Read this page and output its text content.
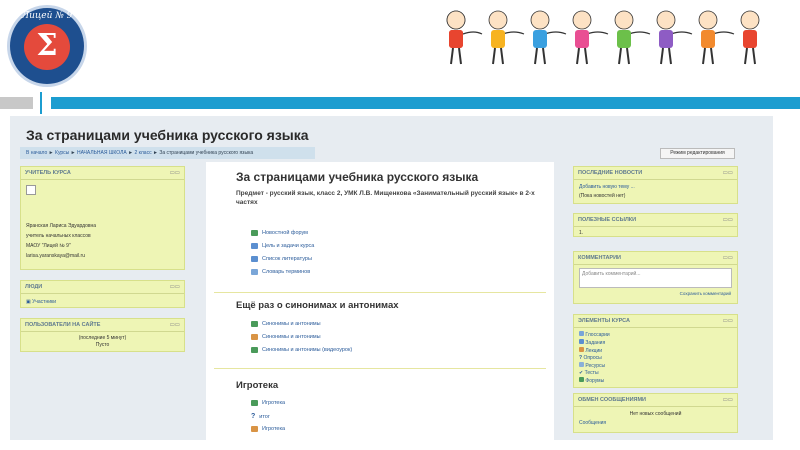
Лицей № 9
Σ
За страницами учебника русского языка
В начало ► Курсы ► НАЧАЛЬНАЯ ШКОЛА ► 2 класс ► За страницами учебника русского языка	Режим редактирования
УЧИТЕЛЬ КУРСА	▭▭
Яранская Лариса Эдуардовна
учитель начальных классов
МАОУ "Лицей № 9"
larisa.yaranskaya@mail.ru
ЛЮДИ	▭▭
▣ Участники
ПОЛЬЗОВАТЕЛИ НА САЙТЕ	▭▭
(последние 5 минут)
Пусто
За страницами учебника русского языка
Предмет - русский язык, класс 2, УМК Л.В. Мищенкова «Занимательный русский язык» в 2-х частях
Новостной форум
Цель и задачи курса
Список литературы
Словарь терминов
Ещё раз о синонимах и антонимах
Синонимы и антонимы
Синонимы и антонимы
Синонимы и антонимы (видеоурок)
Игротека
Игротека
? итог
Игротека
ПОСЛЕДНИЕ НОВОСТИ	▭▭
Добавить новую тему ...
(Пока новостей нет)
ПОЛЕЗНЫЕ ССЫЛКИ	▭▭
1.
КОММЕНТАРИИ	▭▭
Добавить комментарий...
Сохранить комментарий
ЭЛЕМЕНТЫ КУРСА	▭▭
Глоссарии
Задания
Лекции
? Опросы
Ресурсы
✔ Тесты
Форумы
ОБМЕН СООБЩЕНИЯМИ	▭▭
Нет новых сообщений
Сообщения
